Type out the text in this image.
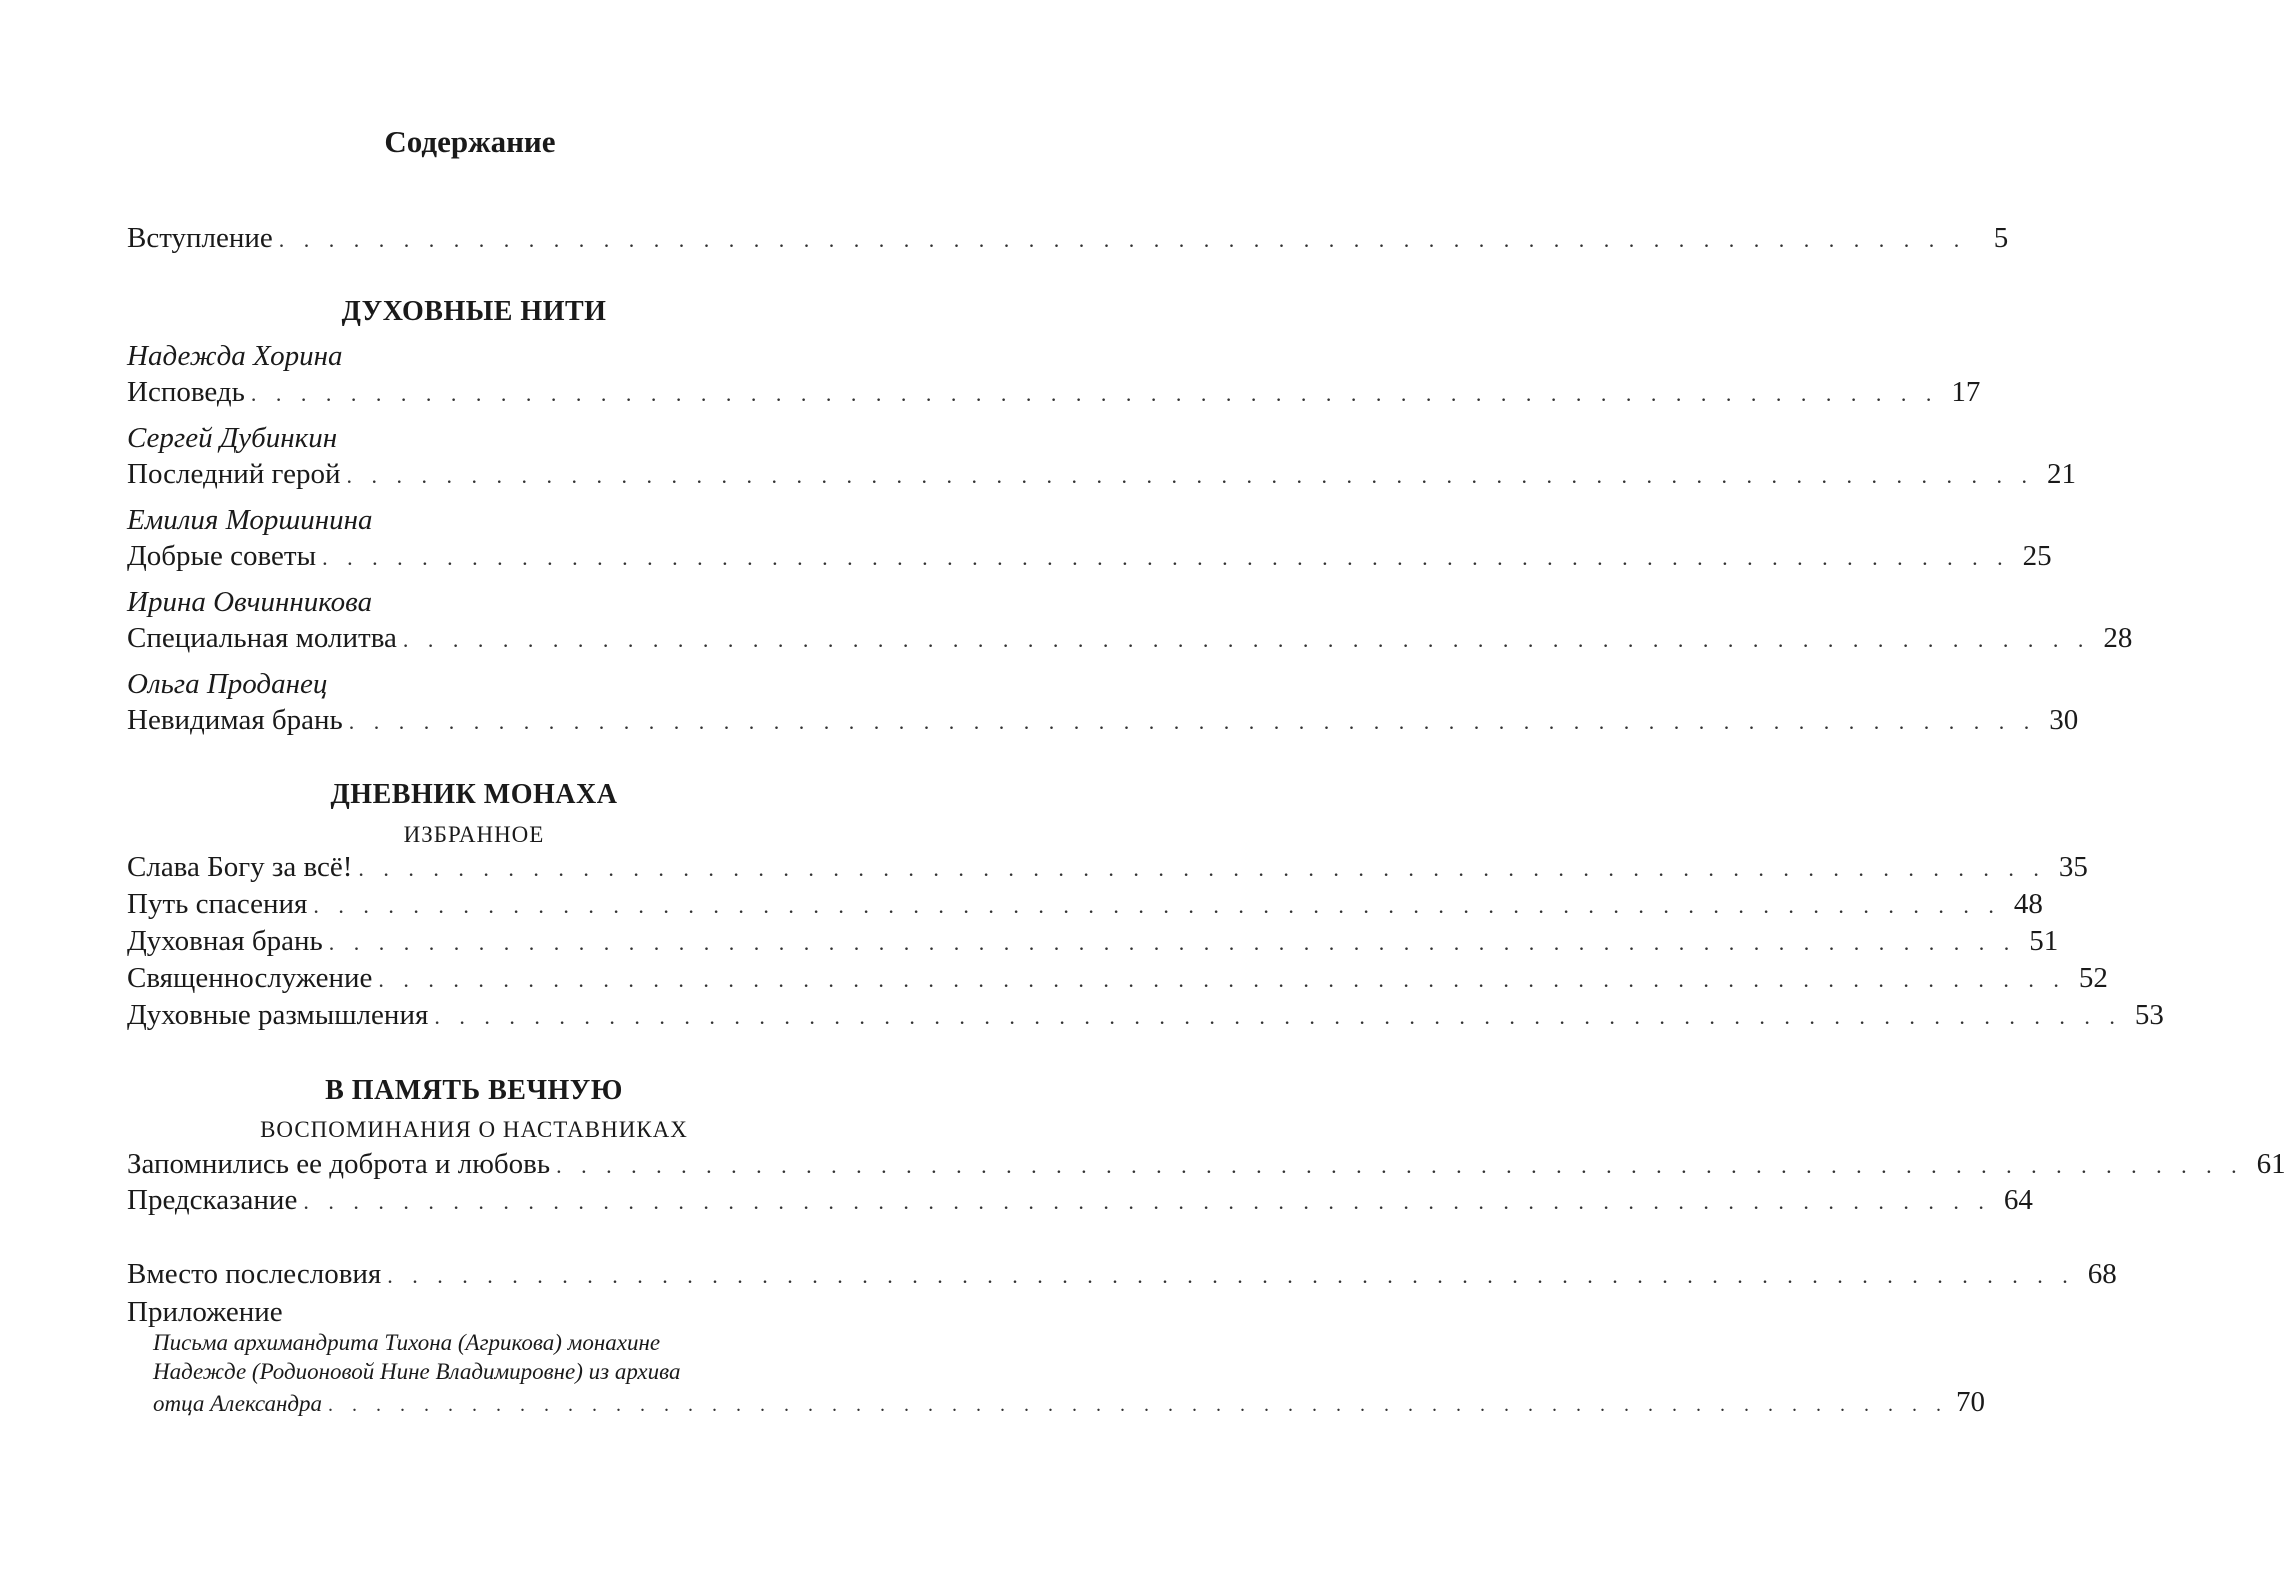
Содержание
Вступление . . . . . . . . . . . . . . . . . . . . . . . . . . . . . . . . . . . . . . . . . . . . . . . . . . . . . . . . . . . . . . . . . . . . 5
ДУХОВНЫЕ НИТИ
Надежда Хорина
Исповедь . . . . . . . . . . . . . . . . . . . . . . . . . . . . . . . . . . . . . . . . . . . . . . . . . . . . . . . . . . . . . . . . . . . . 17
Сергей Дубинкин
Последний герой . . . . . . . . . . . . . . . . . . . . . . . . . . . . . . . . . . . . . . . . . . . . . . . . . . . . . . . . . . . . . . . . . . . . 21
Емилия Моршинина
Добрые советы . . . . . . . . . . . . . . . . . . . . . . . . . . . . . . . . . . . . . . . . . . . . . . . . . . . . . . . . . . . . . . . . . . . . 25
Ирина Овчинникова
Специальная молитва . . . . . . . . . . . . . . . . . . . . . . . . . . . . . . . . . . . . . . . . . . . . . . . . . . . . . . . . . . . . . . . . . . . . 28
Ольга Проданец
Невидимая брань . . . . . . . . . . . . . . . . . . . . . . . . . . . . . . . . . . . . . . . . . . . . . . . . . . . . . . . . . . . . . . . . . . . . 30
ДНЕВНИК МОНАХА
ИЗБРАННОЕ
Слава Богу за всё! . . . . . . . . . . . . . . . . . . . . . . . . . . . . . . . . . . . . . . . . . . . . . . . . . . . . . . . . . . . . . . . . . . . . 35
Путь спасения . . . . . . . . . . . . . . . . . . . . . . . . . . . . . . . . . . . . . . . . . . . . . . . . . . . . . . . . . . . . . . . . . . . . 48
Духовная брань . . . . . . . . . . . . . . . . . . . . . . . . . . . . . . . . . . . . . . . . . . . . . . . . . . . . . . . . . . . . . . . . . . . . 51
Священнослужение . . . . . . . . . . . . . . . . . . . . . . . . . . . . . . . . . . . . . . . . . . . . . . . . . . . . . . . . . . . . . . . . . . . . 52
Духовные размышления . . . . . . . . . . . . . . . . . . . . . . . . . . . . . . . . . . . . . . . . . . . . . . . . . . . . . . . . . . . . . . . . . . . . 53
В ПАМЯТЬ ВЕЧНУЮ
ВОСПОМИНАНИЯ О НАСТАВНИКАХ
Запомнились ее доброта и любовь . . . . . . . . . . . . . . . . . . . . . . . . . . . . . . . . . . . . . . . . . . . . . . . . . . . . . . . . . . . . . . . . . . . . 61
Предсказание . . . . . . . . . . . . . . . . . . . . . . . . . . . . . . . . . . . . . . . . . . . . . . . . . . . . . . . . . . . . . . . . . . . . 64
Вместо послесловия . . . . . . . . . . . . . . . . . . . . . . . . . . . . . . . . . . . . . . . . . . . . . . . . . . . . . . . . . . . . . . . . . . . . 68
Приложение
Письма архимандрита Тихона (Агрикова) монахине
Надежде (Родионовой Нине Владимировне) из архива
отца Александра . . . . . . . . . . . . . . . . . . . . . . . . . . . . . . . . . . . . . . . . . . . . . . . . . . . . . . . . . . . . . . . . . . . . 70
